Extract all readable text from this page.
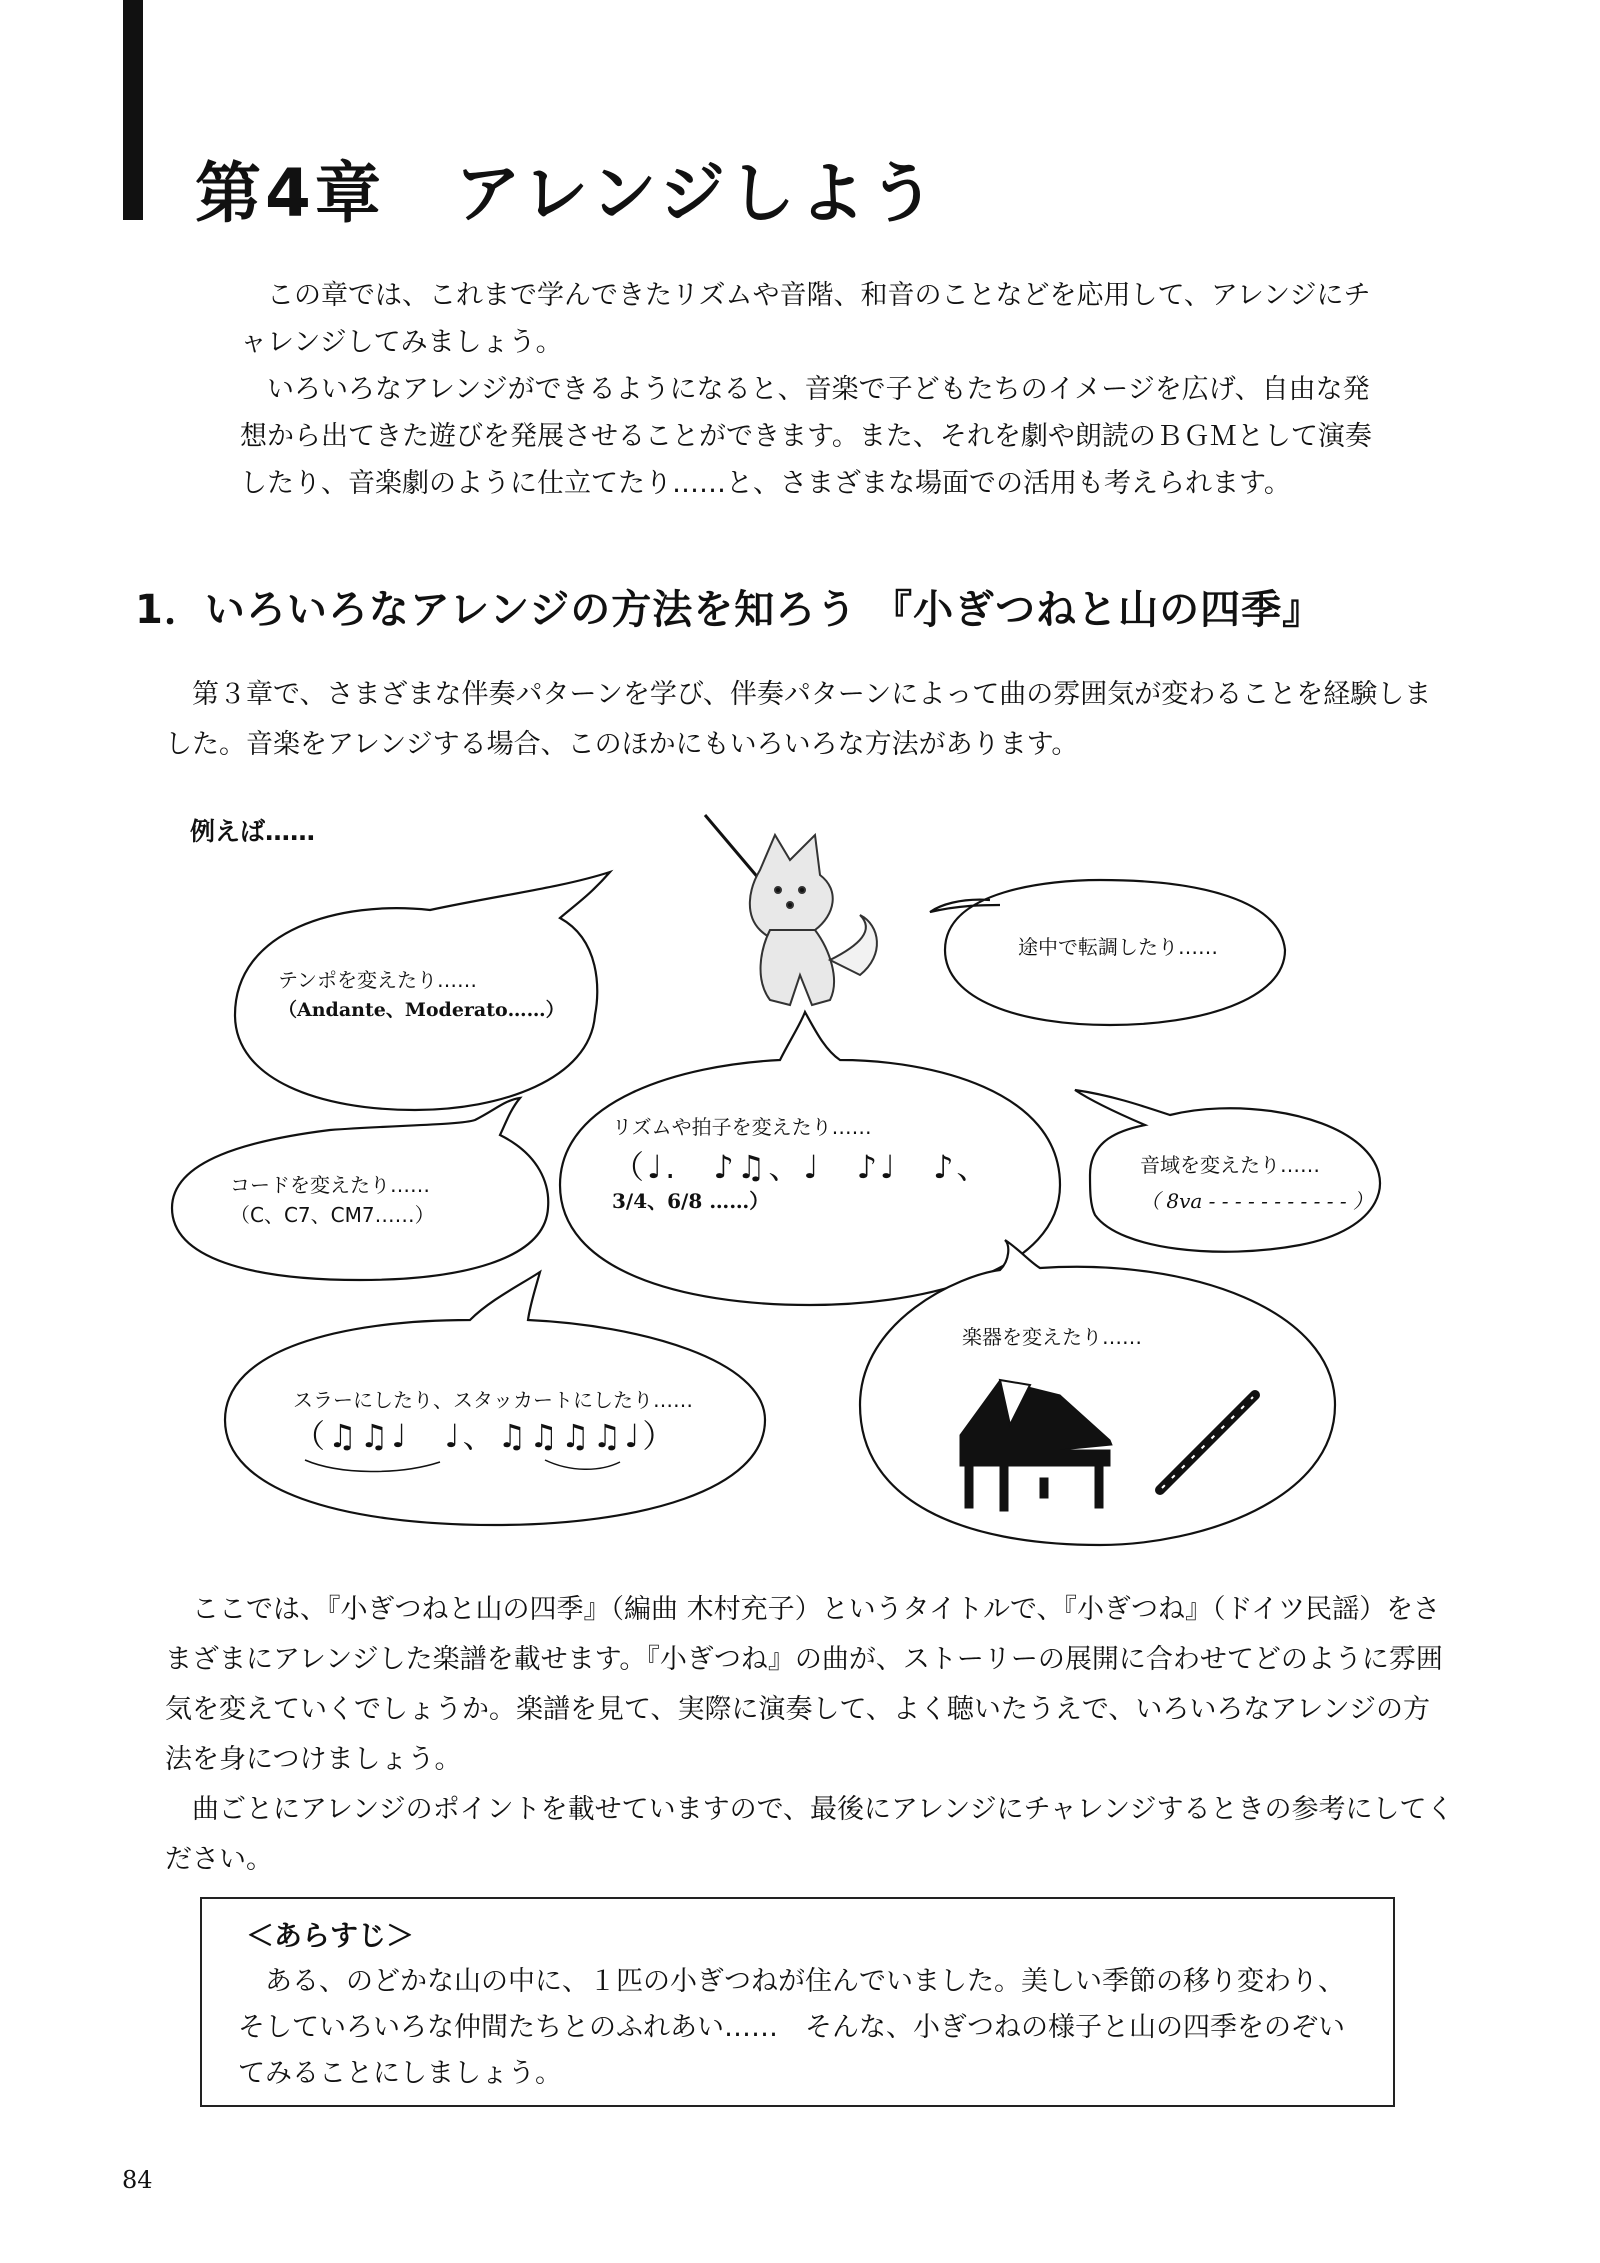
第4章　アレンジしよう

この章では、これまで学んできたリズムや音階、和音のことなどを応用して、アレンジにチャレンジしてみましょう。

いろいろなアレンジができるようになると、音楽で子どもたちのイメージを広げ、自由な発想から出てきた遊びを発展させることができます。また、それを劇や朗読のＢＧＭとして演奏したり、音楽劇のように仕立てたり……と、さまざまな場面での活用も考えられます。

1．いろいろなアレンジの方法を知ろう 『小ぎつねと山の四季』

第３章で、さまざまな伴奏パターンを学び、伴奏パターンによって曲の雰囲気が変わることを経験しました。音楽をアレンジする場合、このほかにもいろいろな方法があります。

例えば……
テンポを変えたり……
（Andante、Moderato……）
途中で転調したり……
リズムや拍子を変えたり……
（♩.　♪♫、♩　♪♩　♪、
3/4、6/8 ……）
コードを変えたり……
（C、C7、CM7……）
音域を変えたり……
（ 8va - - - - - - - - - - - ）
スラーにしたり、スタッカートにしたり……
（♫♫♩　♩、♫♫♫♫♩）
楽器を変えたり……

ここでは、『小ぎつねと山の四季』（編曲 木村充子）というタイトルで、『小ぎつね』（ドイツ民謡）をさまざまにアレンジした楽譜を載せます。『小ぎつね』の曲が、ストーリーの展開に合わせてどのように雰囲気を変えていくでしょうか。楽譜を見て、実際に演奏して、よく聴いたうえで、いろいろなアレンジの方法を身につけましょう。

曲ごとにアレンジのポイントを載せていますので、最後にアレンジにチャレンジするときの参考にしてください。

＜あらすじ＞

ある、のどかな山の中に、１匹の小ぎつねが住んでいました。美しい季節の移り変わり、そしていろいろな仲間たちとのふれあい……　そんな、小ぎつねの様子と山の四季をのぞいてみることにしましょう。

84
